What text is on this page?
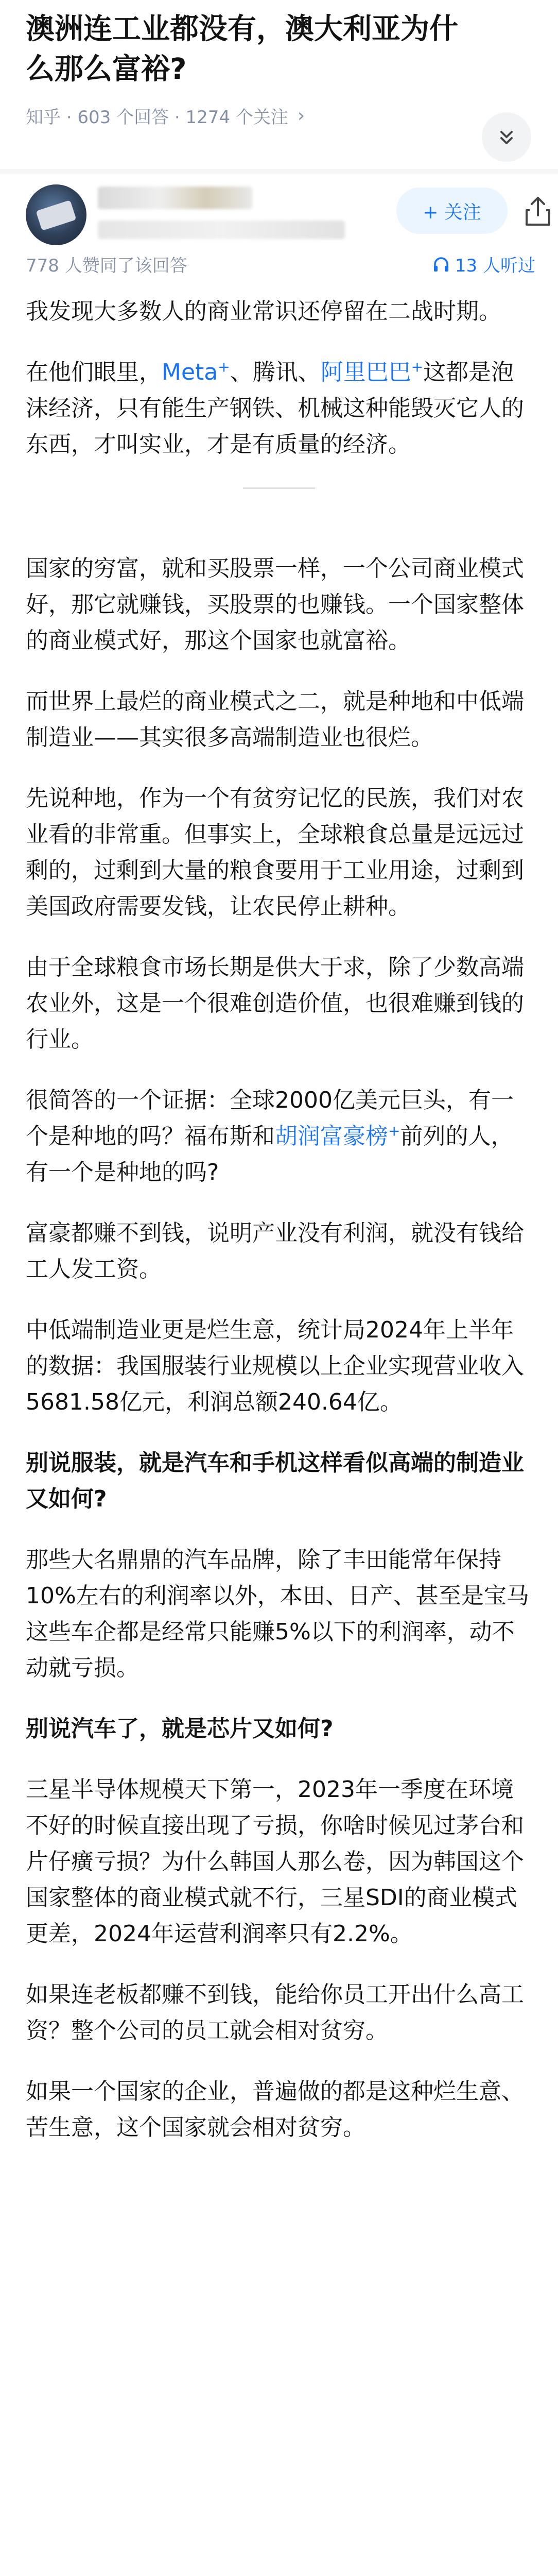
澳洲连工业都没有，澳大利亚为什么那么富裕?
知乎 · 603 个回答 · 1274 个关注 ›
+ 关注
778 人赞同了该回答	13 人听过

我发现大多数人的商业常识还停留在二战时期。

在他们眼里，Meta+、腾讯、阿里巴巴+这都是泡沫经济，只有能生产钢铁、机械这种能毁灭它人的东西，才叫实业，才是有质量的经济。

国家的穷富，就和买股票一样，一个公司商业模式好，那它就赚钱，买股票的也赚钱。一个国家整体的商业模式好，那这个国家也就富裕。

而世界上最烂的商业模式之二，就是种地和中低端制造业——其实很多高端制造业也很烂。

先说种地，作为一个有贫穷记忆的民族，我们对农业看的非常重。但事实上，全球粮食总量是远远过剩的，过剩到大量的粮食要用于工业用途，过剩到美国政府需要发钱，让农民停止耕种。

由于全球粮食市场长期是供大于求，除了少数高端农业外，这是一个很难创造价值，也很难赚到钱的行业。

很简答的一个证据：全球2000亿美元巨头，有一个是种地的吗？福布斯和胡润富豪榜+前列的人，有一个是种地的吗?

富豪都赚不到钱，说明产业没有利润，就没有钱给工人发工资。

中低端制造业更是烂生意，统计局2024年上半年的数据：我国服装行业规模以上企业实现营业收入5681.58亿元，利润总额240.64亿。

别说服装，就是汽车和手机这样看似高端的制造业又如何?

那些大名鼎鼎的汽车品牌，除了丰田能常年保持10%左右的利润率以外，本田、日产、甚至是宝马这些车企都是经常只能赚5%以下的利润率，动不动就亏损。

别说汽车了，就是芯片又如何?

三星半导体规模天下第一，2023年一季度在环境不好的时候直接出现了亏损，你啥时候见过茅台和片仔癀亏损？为什么韩国人那么卷，因为韩国这个国家整体的商业模式就不行，三星SDI的商业模式更差，2024年运营利润率只有2.2%。

如果连老板都赚不到钱，能给你员工开出什么高工资？整个公司的员工就会相对贫穷。

如果一个国家的企业，普遍做的都是这种烂生意、苦生意，这个国家就会相对贫穷。
